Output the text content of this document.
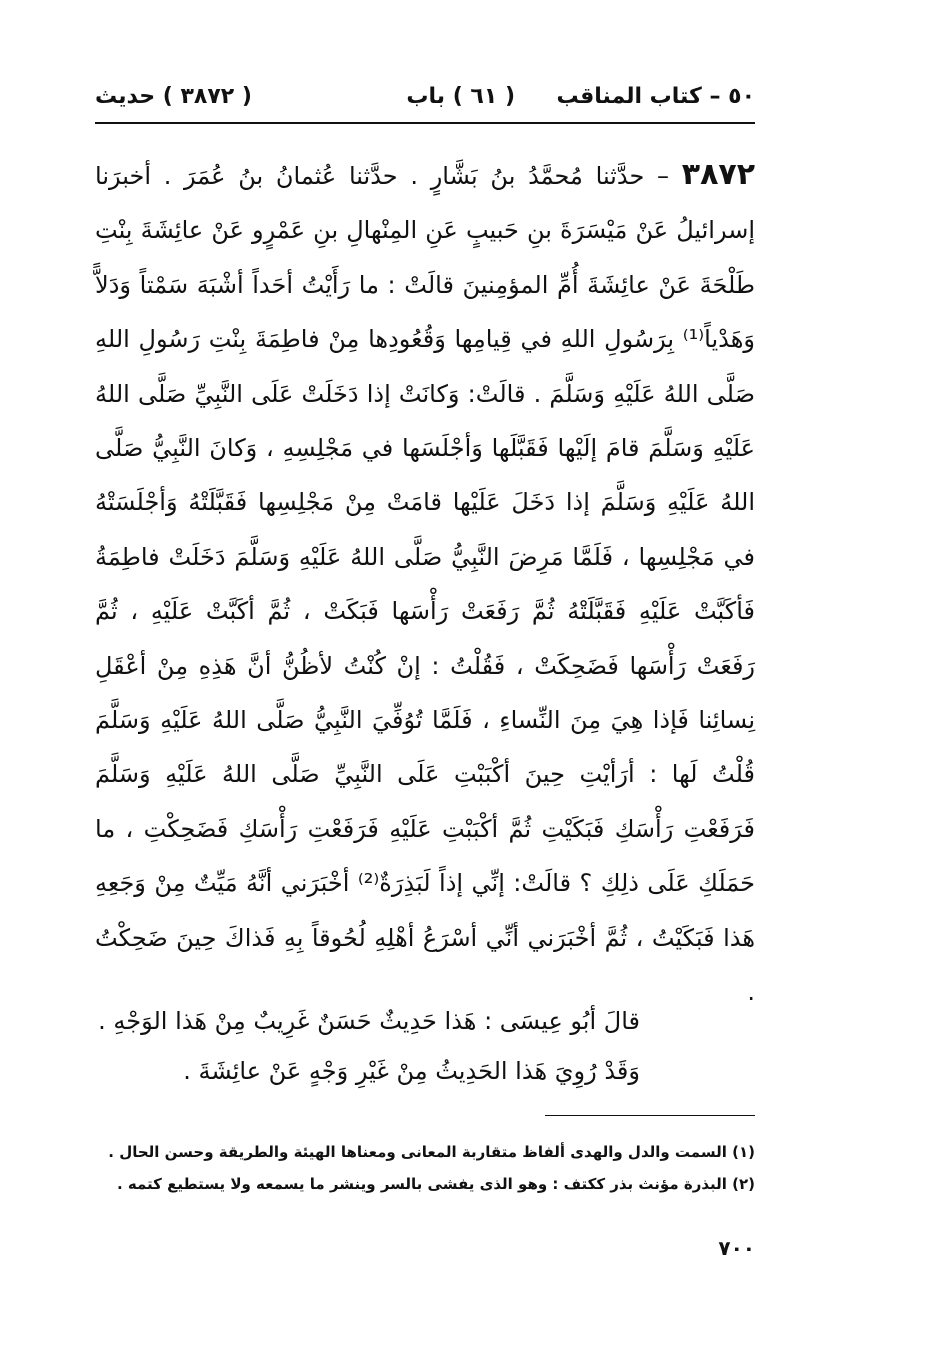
٥٠ – كتاب المناقب
( ٦١ ) باب
( ٣٨٧٢ ) حديث
٣٨٧٢ – حدَّثنا مُحمَّدُ بنُ بَشَّارٍ . حدَّثنا عُثمانُ بنُ عُمَرَ . أخبرَنا إسرائيلُ عَنْ مَيْسَرَةَ بنِ حَبيبٍ عَنِ المِنْهالِ بنِ عَمْرٍو عَنْ عائِشَةَ بِنْتِ طَلْحَةَ عَنْ عائِشَةَ أُمِّ المؤمِنينَ قالَتْ : ما رَأَيْتُ أحَداً أشْبَهَ سَمْتاً وَدَلاًّ وَهَدْياً⁽¹⁾ بِرَسُولِ اللهِ في قِيامِها وَقُعُودِها مِنْ فاطِمَةَ بِنْتِ رَسُولِ اللهِ صَلَّى اللهُ عَلَيْهِ وَسَلَّمَ . قالَتْ: وَكانَتْ إذا دَخَلَتْ عَلَى النَّبِيِّ صَلَّى اللهُ عَلَيْهِ وَسَلَّمَ قامَ إلَيْها فَقَبَّلَها وَأجْلَسَها في مَجْلِسِهِ ، وَكانَ النَّبِيُّ صَلَّى اللهُ عَلَيْهِ وَسَلَّمَ إذا دَخَلَ عَلَيْها قامَتْ مِنْ مَجْلِسِها فَقَبَّلَتْهُ وَأجْلَسَتْهُ في مَجْلِسِها ، فَلَمَّا مَرِضَ النَّبِيُّ صَلَّى اللهُ عَلَيْهِ وَسَلَّمَ دَخَلَتْ فاطِمَةُ فَأكَبَّتْ عَلَيْهِ فَقَبَّلَتْهُ ثُمَّ رَفَعَتْ رَأْسَها فَبَكَتْ ، ثُمَّ أكَبَّتْ عَلَيْهِ ، ثُمَّ رَفَعَتْ رَأْسَها فَضَحِكَتْ ، فَقُلْتُ : إنْ كُنْتُ لأظُنُّ أنَّ هَذِهِ مِنْ أعْقَلِ نِسائِنا فَإذا هِيَ مِنَ النِّساءِ ، فَلَمَّا تُوُفِّيَ النَّبِيُّ صَلَّى اللهُ عَلَيْهِ وَسَلَّمَ قُلْتُ لَها : أرَأيْتِ حِينَ أكْبَبْتِ عَلَى النَّبِيِّ صَلَّى اللهُ عَلَيْهِ وَسَلَّمَ فَرَفَعْتِ رَأْسَكِ فَبَكَيْتِ ثُمَّ أكْبَبْتِ عَلَيْهِ فَرَفَعْتِ رَأْسَكِ فَضَحِكْتِ ، ما حَمَلَكِ عَلَى ذلِكِ ؟ قالَتْ: إنِّي إذاً لَبَذِرَةٌ⁽²⁾ أخْبَرَني أنَّهُ مَيِّتٌ مِنْ وَجَعِهِ هَذا فَبَكَيْتُ ، ثُمَّ أخْبَرَني أنِّي أسْرَعُ أهْلِهِ لُحُوقاً بِهِ فَذاكَ حِينَ ضَحِكْتُ .
قالَ أبُو عِيسَى : هَذا حَدِيثٌ حَسَنٌ غَرِيبٌ مِنْ هَذا الوَجْهِ .
وَقَدْ رُوِيَ هَذا الحَدِيثُ مِنْ غَيْرِ وَجْهٍ عَنْ عائِشَةَ .
(١) السمت والدل والهدى ألفاظ متقاربة المعانى ومعناها الهيئة والطريقة وحسن الحال .
(٢) البذرة مؤنث بذر ككتف : وهو الذى يفشى بالسر وينشر ما يسمعه ولا يستطيع كتمه .
٧٠٠
